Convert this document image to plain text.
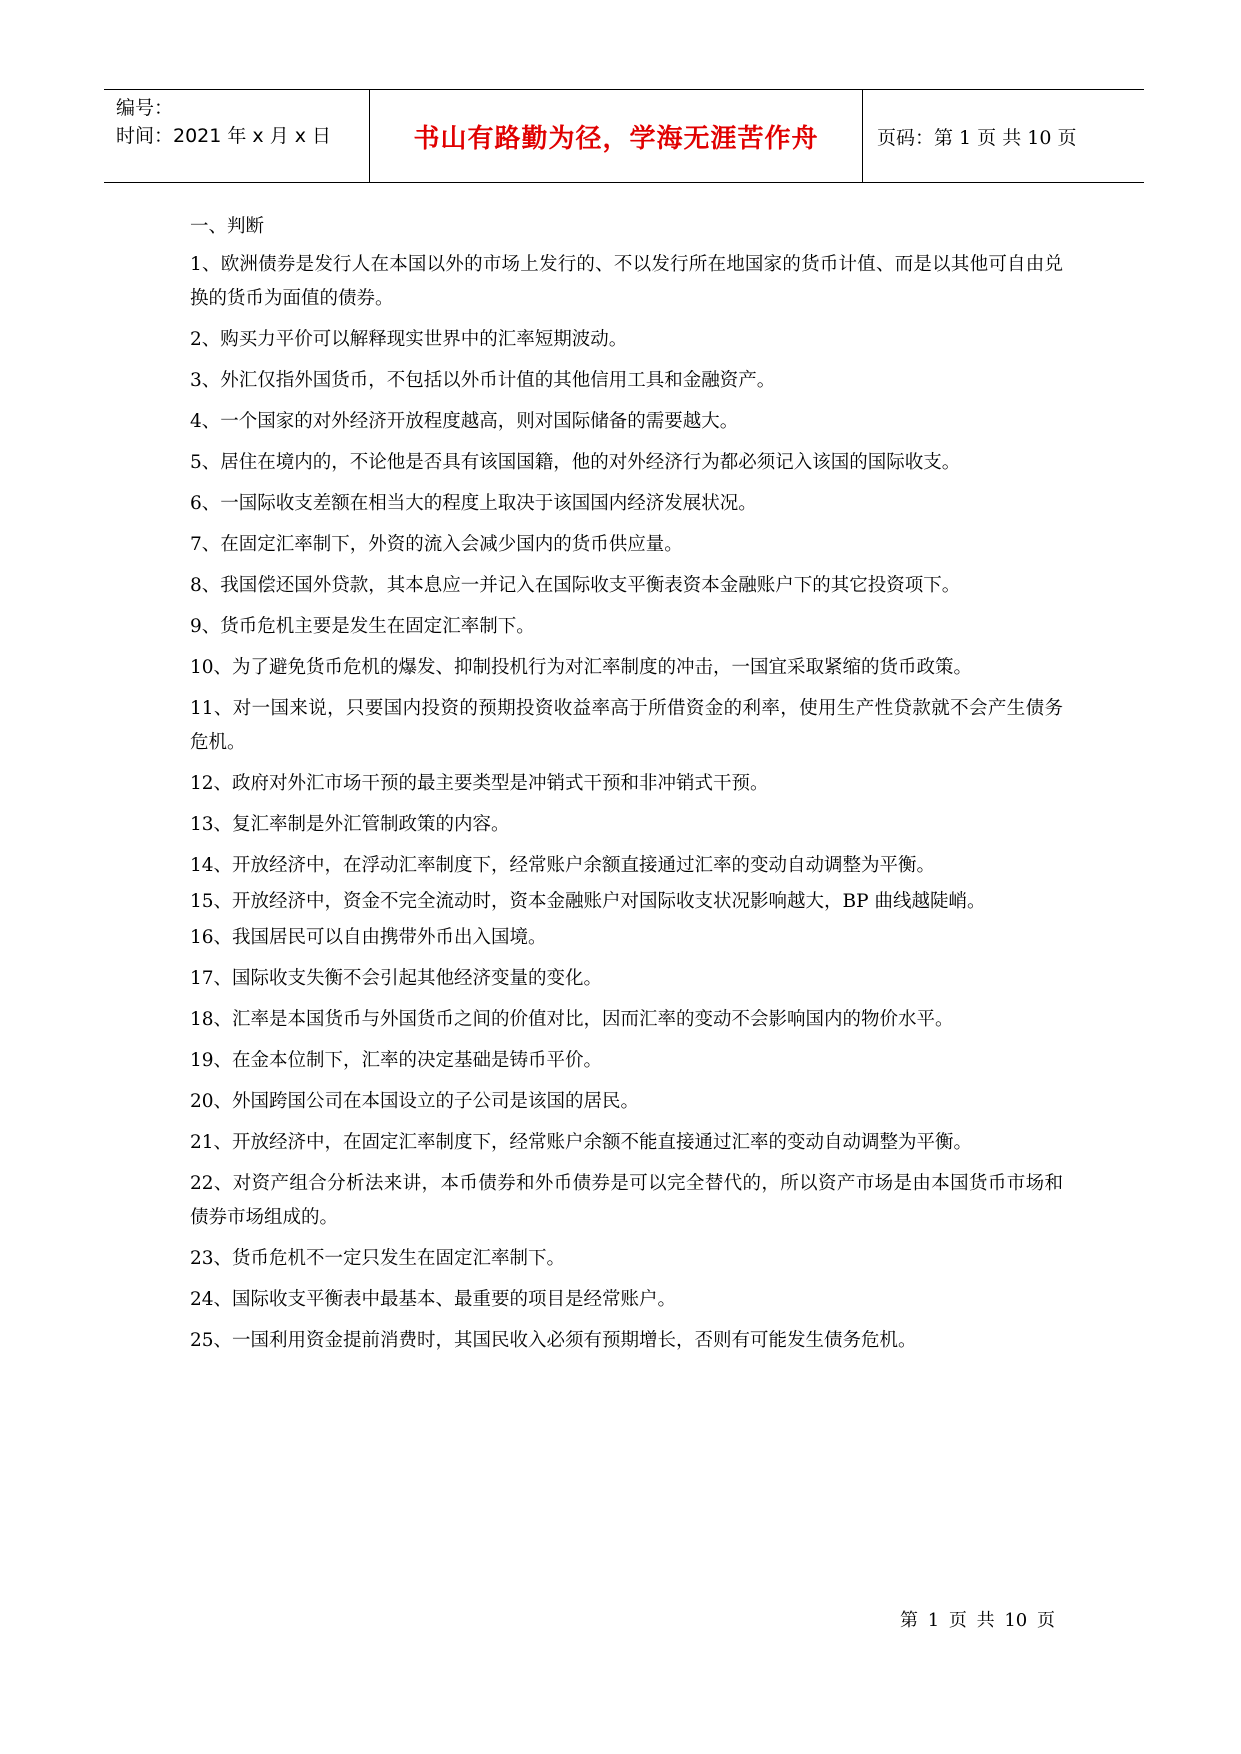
编号：
时间：2021 年 x 月 x 日	书山有路勤为径，学海无涯苦作舟	页码：第 1 页 共 10 页
一、判断
1、欧洲债券是发行人在本国以外的市场上发行的、不以发行所在地国家的货币计值、而是以其他可自由兑换的货币为面值的债券。
2、购买力平价可以解释现实世界中的汇率短期波动。
3、外汇仅指外国货币，不包括以外币计值的其他信用工具和金融资产。
4、一个国家的对外经济开放程度越高，则对国际储备的需要越大。
5、居住在境内的，不论他是否具有该国国籍，他的对外经济行为都必须记入该国的国际收支。
6、一国际收支差额在相当大的程度上取决于该国国内经济发展状况。
7、在固定汇率制下，外资的流入会减少国内的货币供应量。
8、我国偿还国外贷款，其本息应一并记入在国际收支平衡表资本金融账户下的其它投资项下。
9、货币危机主要是发生在固定汇率制下。
10、为了避免货币危机的爆发、抑制投机行为对汇率制度的冲击，一国宜采取紧缩的货币政策。
11、对一国来说，只要国内投资的预期投资收益率高于所借资金的利率，使用生产性贷款就不会产生债务危机。
12、政府对外汇市场干预的最主要类型是冲销式干预和非冲销式干预。
13、复汇率制是外汇管制政策的内容。
14、开放经济中，在浮动汇率制度下，经常账户余额直接通过汇率的变动自动调整为平衡。
15、开放经济中，资金不完全流动时，资本金融账户对国际收支状况影响越大，BP 曲线越陡峭。
16、我国居民可以自由携带外币出入国境。
17、国际收支失衡不会引起其他经济变量的变化。
18、汇率是本国货币与外国货币之间的价值对比，因而汇率的变动不会影响国内的物价水平。
19、在金本位制下，汇率的决定基础是铸币平价。
20、外国跨国公司在本国设立的子公司是该国的居民。
21、开放经济中，在固定汇率制度下，经常账户余额不能直接通过汇率的变动自动调整为平衡。
22、对资产组合分析法来讲，本币债券和外币债券是可以完全替代的，所以资产市场是由本国货币市场和债券市场组成的。
23、货币危机不一定只发生在固定汇率制下。
24、国际收支平衡表中最基本、最重要的项目是经常账户。
25、一国利用资金提前消费时，其国民收入必须有预期增长，否则有可能发生债务危机。
第 1 页 共 10 页
